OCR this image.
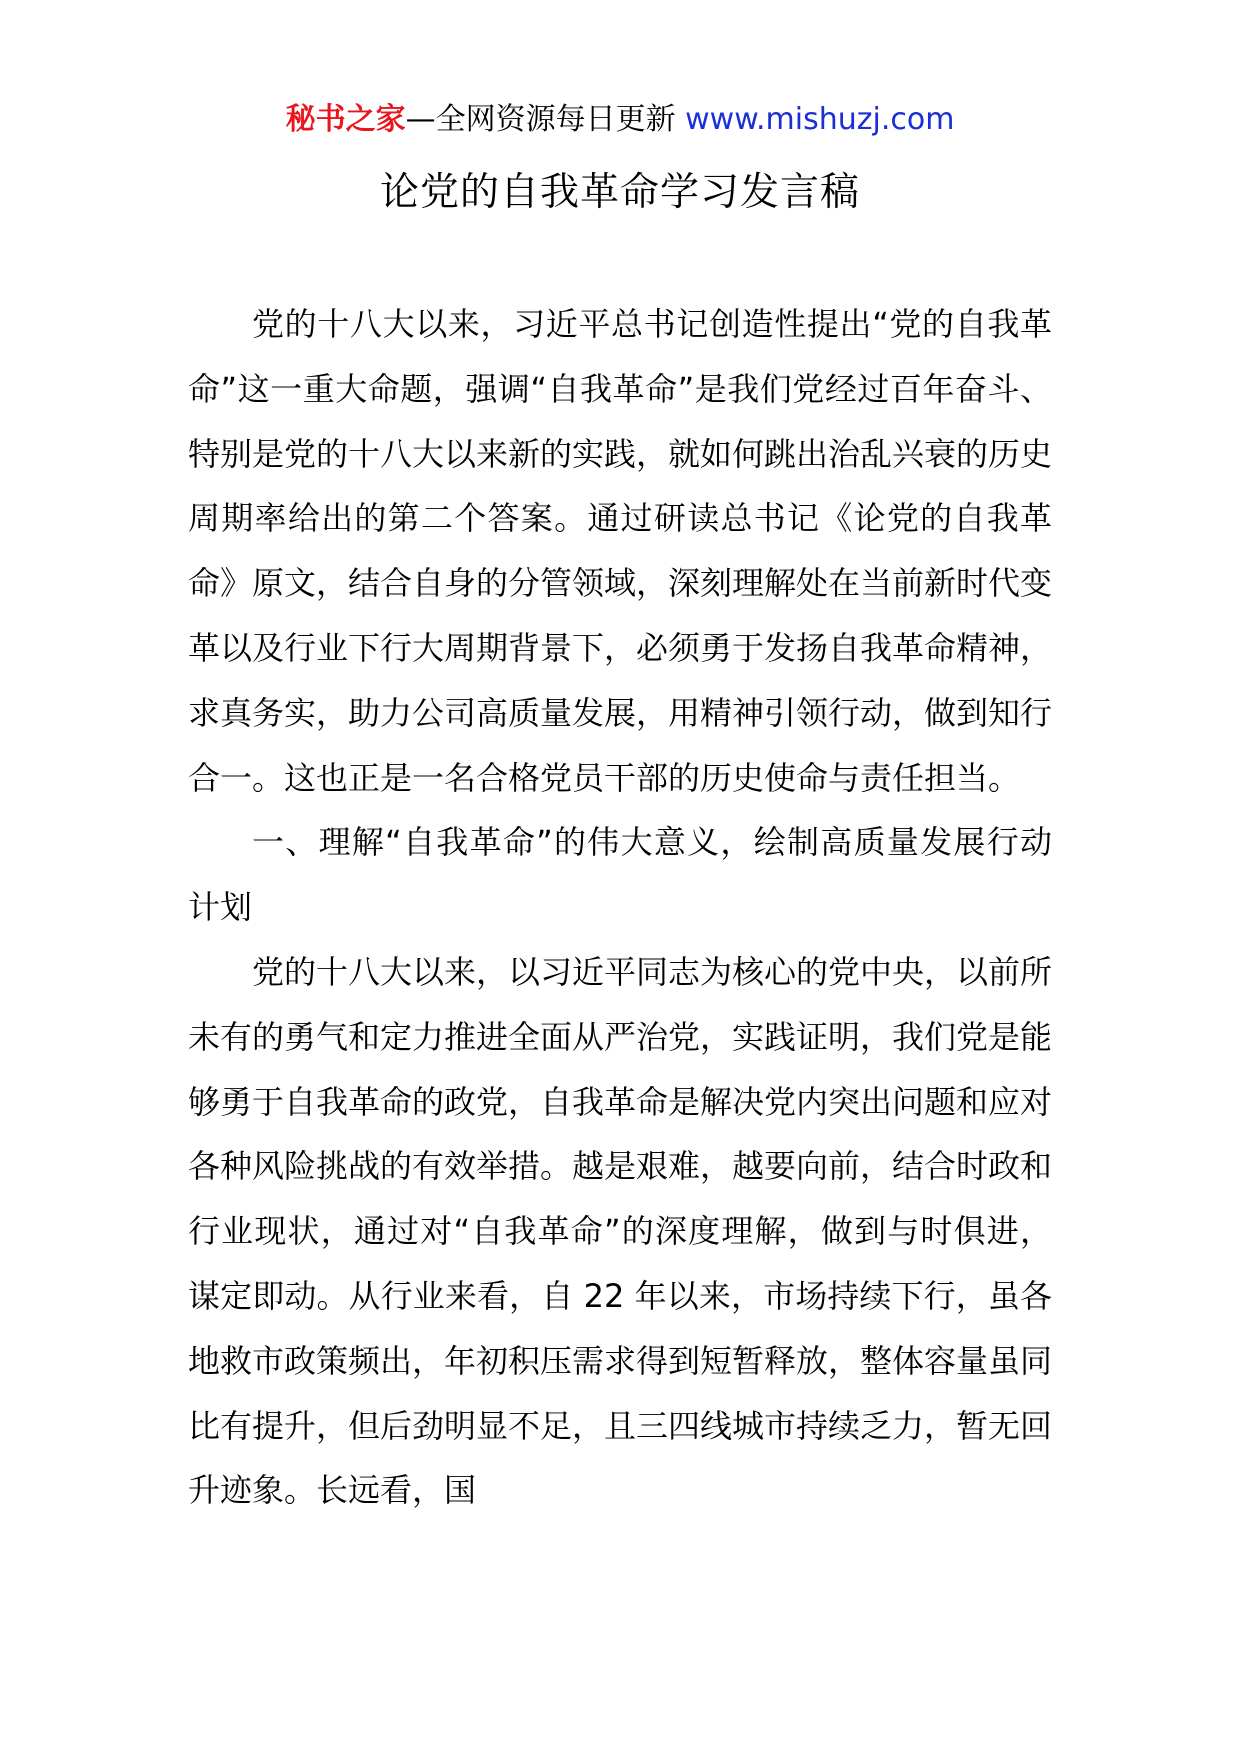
秘书之家—全网资源每日更新 www.mishuzj.com
论党的自我革命学习发言稿

党的十八大以来，习近平总书记创造性提出“党的自我革命”这一重大命题，强调“自我革命”是我们党经过百年奋斗、特别是党的十八大以来新的实践，就如何跳出治乱兴衰的历史周期率给出的第二个答案。通过研读总书记《论党的自我革命》原文，结合自身的分管领域，深刻理解处在当前新时代变革以及行业下行大周期背景下，必须勇于发扬自我革命精神，求真务实，助力公司高质量发展，用精神引领行动，做到知行合一。这也正是一名合格党员干部的历史使命与责任担当。

一、理解“自我革命”的伟大意义，绘制高质量发展行动计划

党的十八大以来，以习近平同志为核心的党中央，以前所未有的勇气和定力推进全面从严治党，实践证明，我们党是能够勇于自我革命的政党，自我革命是解决党内突出问题和应对各种风险挑战的有效举措。越是艰难，越要向前，结合时政和行业现状，通过对“自我革命”的深度理解，做到与时俱进，谋定即动。从行业来看，自 22 年以来，市场持续下行，虽各地救市政策频出，年初积压需求得到短暂释放，整体容量虽同比有提升，但后劲明显不足，且三四线城市持续乏力，暂无回升迹象。长远看，国
